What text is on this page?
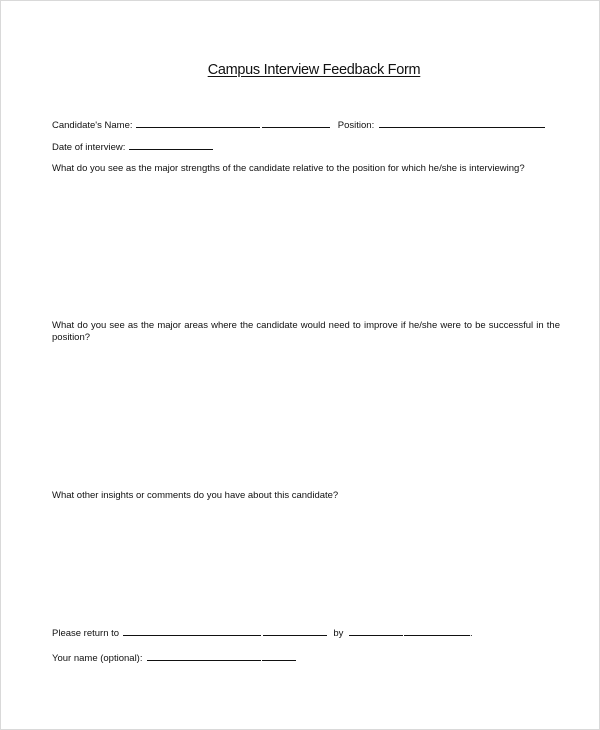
Campus Interview Feedback Form
Candidate's Name:	Position:
Date of interview:
What do you see as the major strengths of the candidate relative to the position for which he/she is interviewing?
What do you see as the major areas where the candidate would need to improve if he/she were to be successful in the position?
What other insights or comments do you have about this candidate?
Please return to	by	.
Your name (optional):
